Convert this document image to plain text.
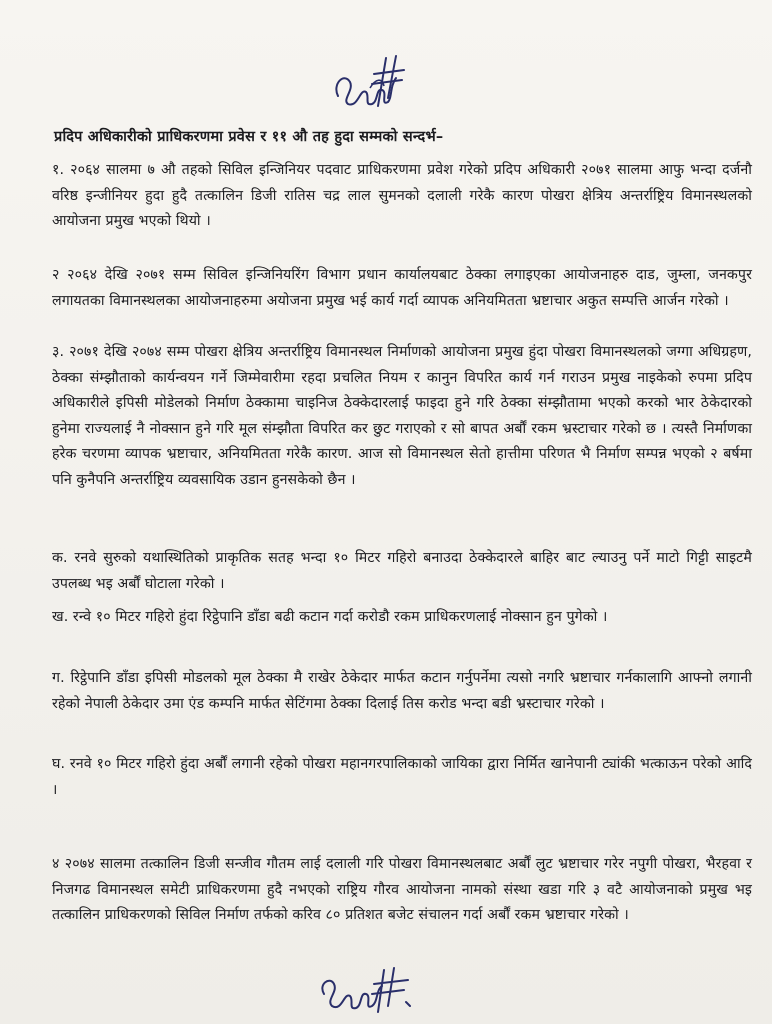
प्रदिप अधिकारीको प्राधिकरणमा प्रवेस र ११ औ तह हुदा सम्मको सन्दर्भ–
१. २०६४ सालमा ७ औ तहको सिविल इन्जिनियर पदवाट प्राधिकरणमा प्रवेश गरेको प्रदिप अधिकारी २०७१ सालमा आफु भन्दा दर्जनौ वरिष्ठ इन्जीनियर हुदा हुदै तत्कालिन डिजी रातिस चद्र लाल सुमनको दलाली गरेकै कारण पोखरा क्षेत्रिय अन्तर्राष्ट्रिय विमानस्थलको आयोजना प्रमुख भएको थियो ।
२ २०६४ देखि २०७१ सम्म सिविल इन्जिनियरिंग विभाग प्रधान कार्यालयबाट ठेक्का लगाइएका आयोजनाहरु दाड, जुम्ला, जनकपुर लगायतका विमानस्थलका आयोजनाहरुमा अयोजना प्रमुख भई कार्य गर्दा व्यापक अनियमितता भ्रष्टाचार अकुत सम्पत्ति आर्जन गरेको ।
३. २०७१ देखि २०७४ सम्म पोखरा क्षेत्रिय अन्तर्राष्ट्रिय विमानस्थल निर्माणको आयोजना प्रमुख हुंदा पोखरा विमानस्थलको जग्गा अधिग्रहण, ठेक्का संम्झौताको कार्यन्वयन गर्ने जिम्मेवारीमा रहदा प्रचलित नियम र कानुन विपरित कार्य गर्न गराउन प्रमुख नाइकेको रुपमा प्रदिप अधिकारीले इपिसी मोडेलको निर्माण ठेक्कामा चाइनिज ठेक्केदारलाई फाइदा हुने गरि ठेक्का संम्झौतामा भएको करको भार ठेकेदारको हुनेमा राज्यलाई नै नोक्सान हुने गरि मूल संम्झौता विपरित कर छुट गराएको र सो बापत अर्बौं रकम भ्रस्टाचार गरेको छ । त्यस्तै निर्माणका हरेक चरणमा व्यापक भ्रष्टाचार, अनियमितता गरेकै कारण. आज सो विमानस्थल सेतो हात्तीमा परिणत भै निर्माण सम्पन्न भएको २ बर्षमा पनि कुनैपनि अन्तर्राष्ट्रिय व्यवसायिक उडान हुनसकेको छैन ।
क. रनवे सुरुको यथास्थितिको प्राकृतिक सतह भन्दा १० मिटर गहिरो बनाउदा ठेक्केदारले बाहिर बाट ल्याउनु पर्ने माटो गिट्टी साइटमै उपलब्ध भइ अर्बौं घोटाला गरेको ।
ख. रन्वे १० मिटर गहिरो हुंदा रिट्ठेपानि डाँडा बढी कटान गर्दा करोडौ रकम प्राधिकरणलाई नोक्सान हुन पुगेको ।
ग. रिट्ठेपानि डाँडा इपिसी मोडलको मूल ठेक्का मै राखेर ठेकेदार मार्फत कटान गर्नुपर्नेमा त्यसो नगरि भ्रष्टाचार गर्नकालागि आफ्नो लगानी रहेको नेपाली ठेकेदार उमा एंड कम्पनि मार्फत सेटिंगमा ठेक्का दिलाई तिस करोड भन्दा बडी भ्रस्टाचार गरेको ।
घ. रनवे १० मिटर गहिरो हुंदा अर्बौं लगानी रहेको पोखरा महानगरपालिकाको जायिका द्वारा निर्मित खानेपानी ट्यांकी भत्काऊन परेको आदि ।
४ २०७४ सालमा तत्कालिन डिजी सन्जीव गौतम लाई दलाली गरि पोखरा विमानस्थलबाट अर्बौं लुट भ्रष्टाचार गरेर नपुगी पोखरा, भैरहवा र निजगढ विमानस्थल समेटी प्राधिकरणमा हुदै नभएको राष्ट्रिय गौरव आयोजना नामको संस्था खडा गरि ३ वटै आयोजनाको प्रमुख भइ तत्कालिन प्राधिकरणको सिविल निर्माण तर्फको करिव ८० प्रतिशत बजेट संचालन गर्दा अर्बौं रकम भ्रष्टाचार गरेको ।
